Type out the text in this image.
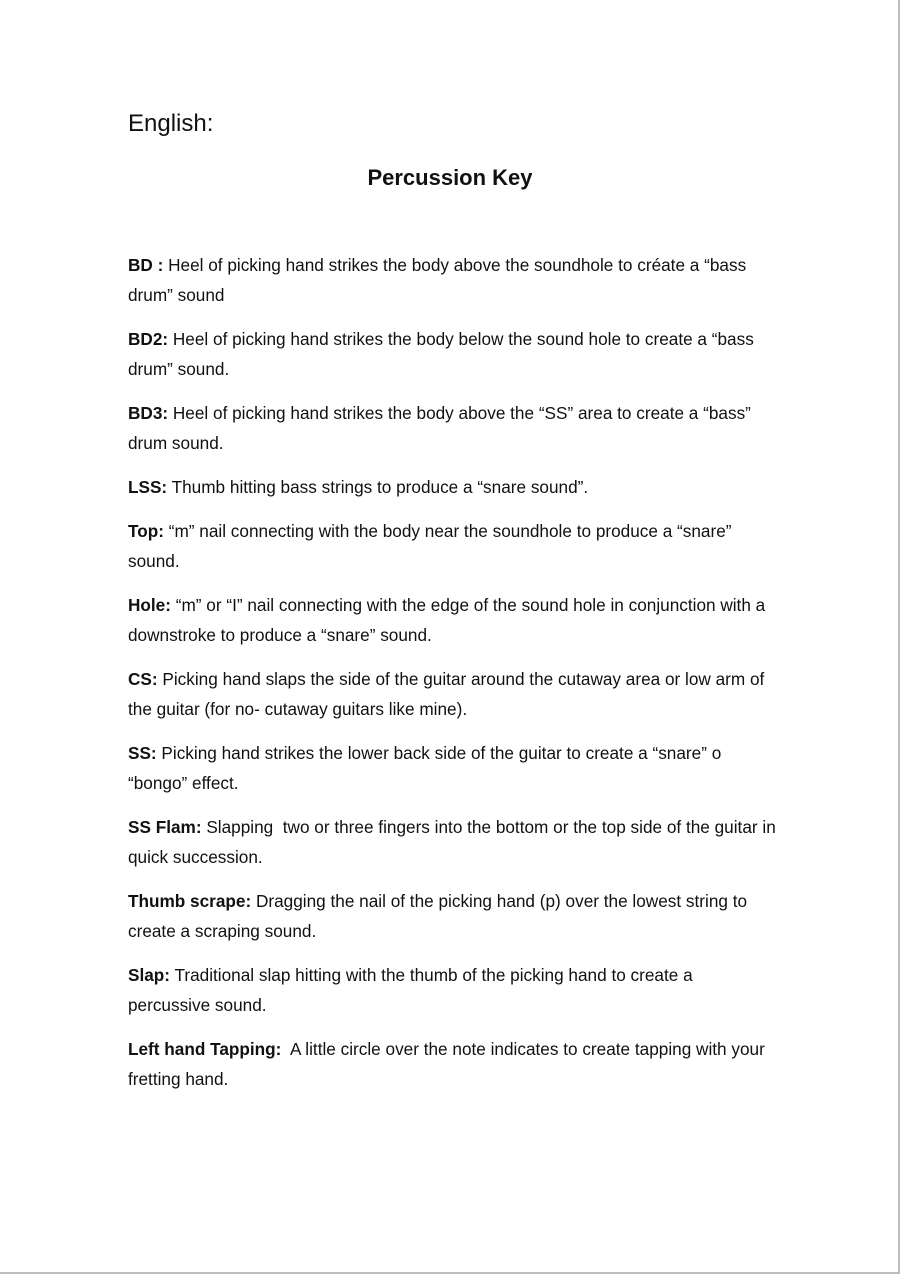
English:
Percussion Key
BD : Heel of picking hand strikes the body above the soundhole to créate a “bass drum” sound
BD2: Heel of picking hand strikes the body below the sound hole to create a “bass drum” sound.
BD3: Heel of picking hand strikes the body above the “SS” area to create a “bass” drum sound.
LSS: Thumb hitting bass strings to produce a “snare sound”.
Top: “m” nail connecting with the body near the soundhole to produce a “snare” sound.
Hole: “m” or “I” nail connecting with the edge of the sound hole in conjunction with a downstroke to produce a “snare” sound.
CS: Picking hand slaps the side of the guitar around the cutaway area or low arm of the guitar (for no- cutaway guitars like mine).
SS: Picking hand strikes the lower back side of the guitar to create a “snare” o “bongo” effect.
SS Flam: Slapping  two or three fingers into the bottom or the top side of the guitar in quick succession.
Thumb scrape: Dragging the nail of the picking hand (p) over the lowest string to create a scraping sound.
Slap: Traditional slap hitting with the thumb of the picking hand to create a percussive sound.
Left hand Tapping:  A little circle over the note indicates to create tapping with your fretting hand.
